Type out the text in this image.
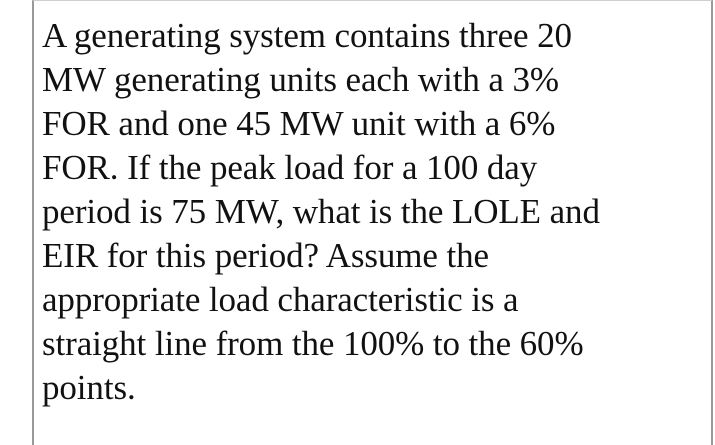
A generating system contains three 20
MW generating units each with a 3%
FOR and one 45 MW unit with a 6%
FOR. If the peak load for a 100 day
period is 75 MW, what is the LOLE and
EIR for this period? Assume the
appropriate load characteristic is a
straight line from the 100% to the 60%
points.
